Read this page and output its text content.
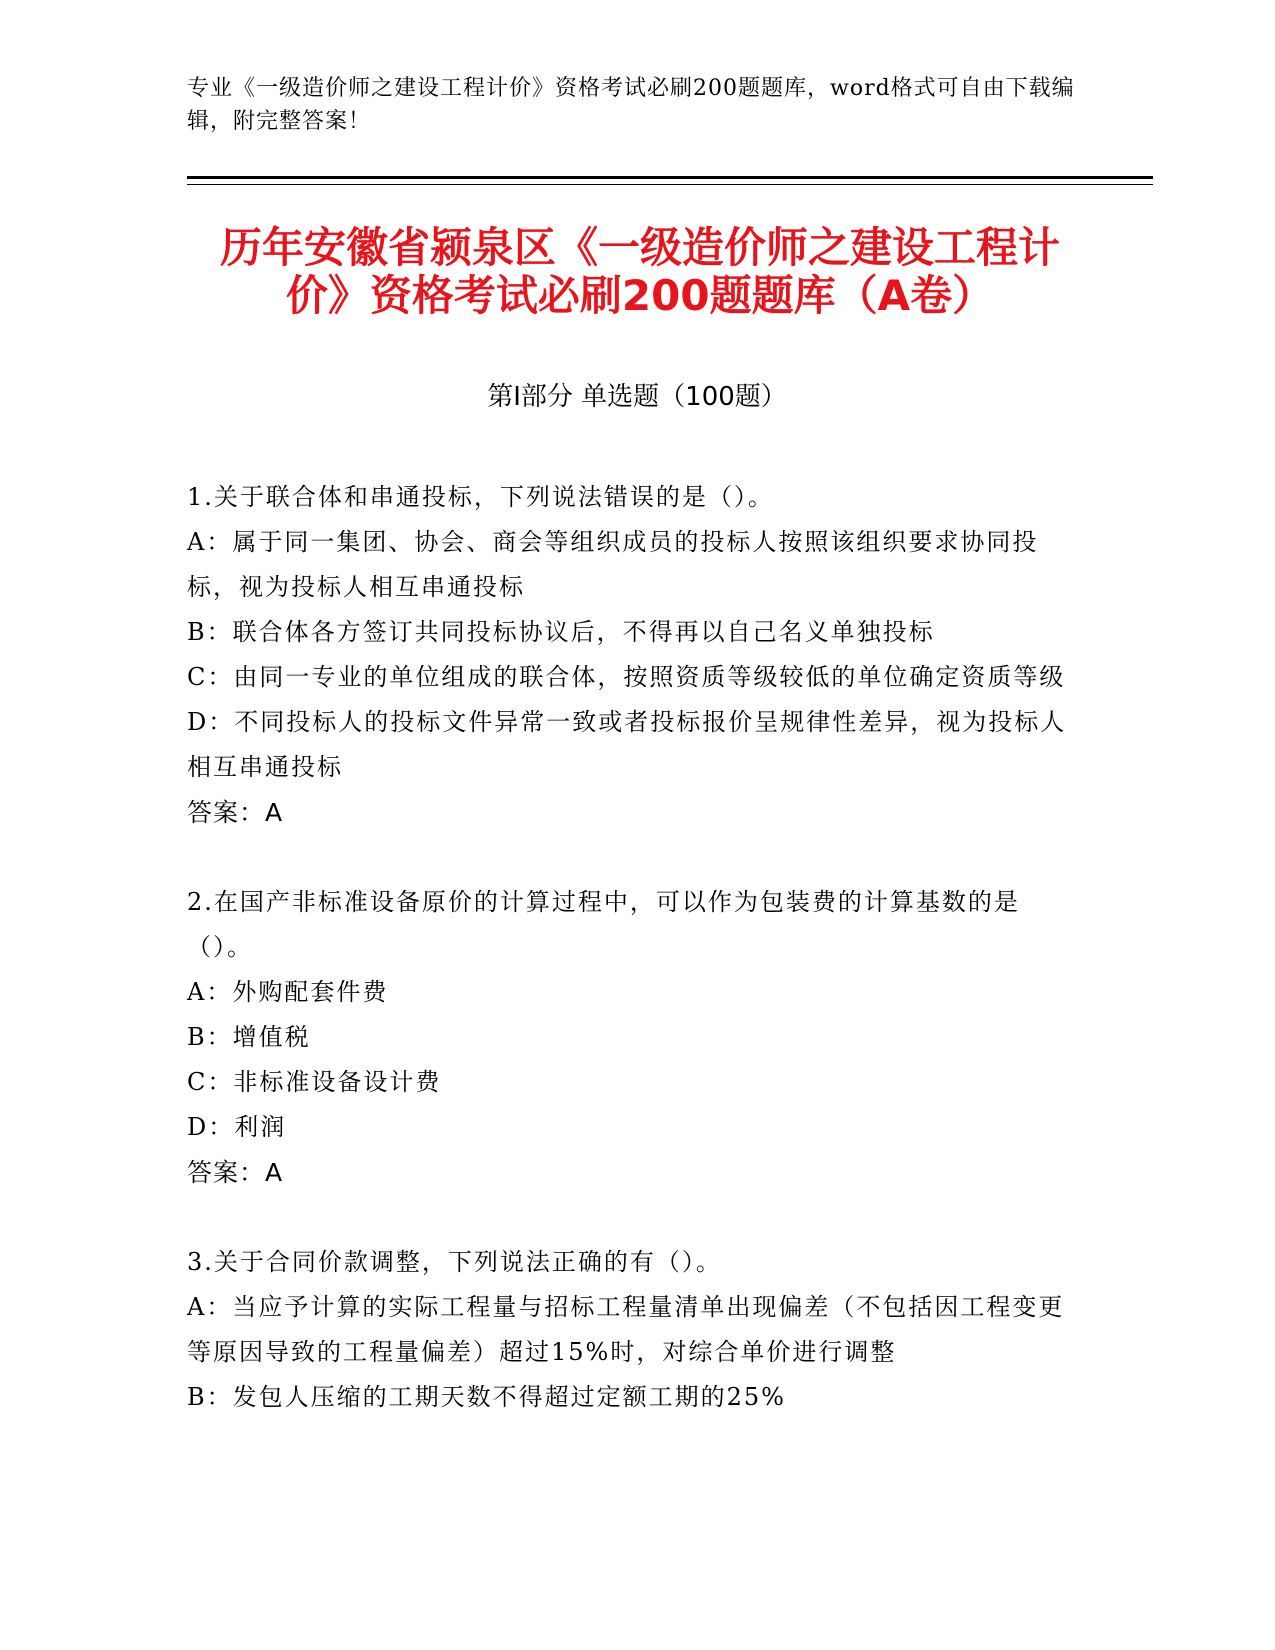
专业《一级造价师之建设工程计价》资格考试必刷200题题库，word格式可自由下载编辑，附完整答案！
历年安徽省颍泉区《一级造价师之建设工程计价》资格考试必刷200题题库（A卷）
第Ⅰ部分 单选题（100题）

1.关于联合体和串通投标，下列说法错误的是（）。

A：属于同一集团、协会、商会等组织成员的投标人按照该组织要求协同投标，视为投标人相互串通投标

B：联合体各方签订共同投标协议后，不得再以自己名义单独投标

C：由同一专业的单位组成的联合体，按照资质等级较低的单位确定资质等级

D：不同投标人的投标文件异常一致或者投标报价呈规律性差异，视为投标人相互串通投标

答案：A

2.在国产非标准设备原价的计算过程中，可以作为包装费的计算基数的是（）。

A：外购配套件费

B：增值税

C：非标准设备设计费

D：利润

答案：A

3.关于合同价款调整，下列说法正确的有（）。

A：当应予计算的实际工程量与招标工程量清单出现偏差（不包括因工程变更等原因导致的工程量偏差）超过15%时，对综合单价进行调整

B：发包人压缩的工期天数不得超过定额工期的25%
